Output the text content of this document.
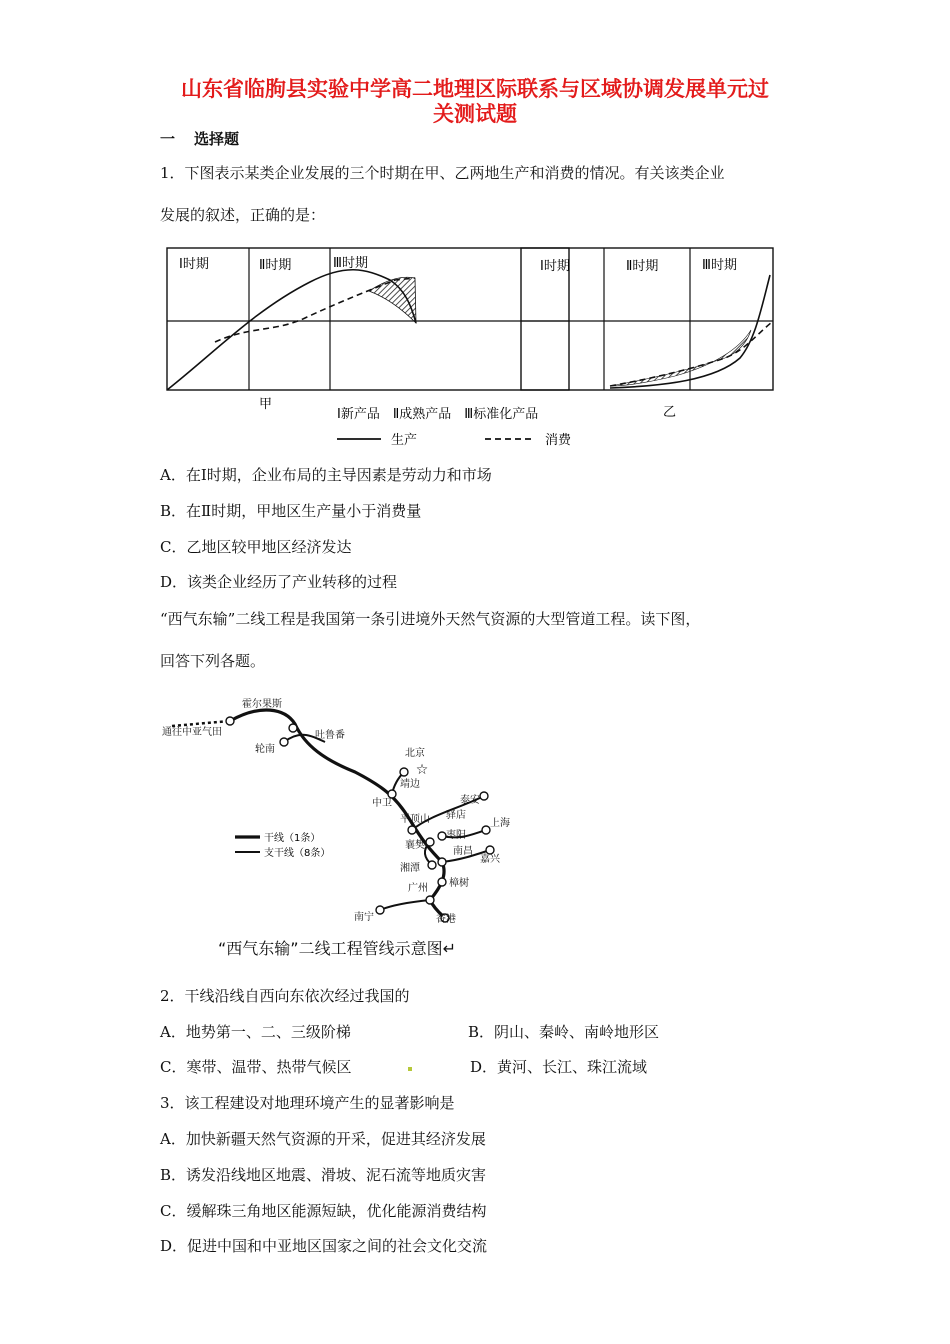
山东省临朐县实验中学高二地理区际联系与区域协调发展单元过
关测试题
一 选择题
1．下图表示某类企业发展的三个时期在甲、乙两地生产和消费的情况。有关该类企业
发展的叙述，正确的是：
Ⅰ时期	Ⅱ时期	Ⅲ时期
甲
Ⅰ时期	Ⅱ时期	Ⅲ时期
乙
Ⅰ新产品　Ⅱ成熟产品　Ⅲ标准化产品
生产	消费
A．在Ⅰ时期，企业布局的主导因素是劳动力和市场
B．在Ⅱ时期，甲地区生产量小于消费量
C．乙地区较甲地区经济发达
D．该类企业经历了产业转移的过程
“西气东输”二线工程是我国第一条引进境外天然气资源的大型管道工程。读下图，
回答下列各题。
☆
霍尔果斯
通往中亚气田	吐鲁番
轮南	北京
靖边
中卫	泰安
平顶山 驿店
枣阳
上海
襄樊
南昌
嘉兴
湘潭
樟树
广州
南宁	香港
干线（1条）
支干线（8条）
“西气东输”二线工程管线示意图↵
2．干线沿线自西向东依次经过我国的
A．地势第一、二、三级阶梯	B．阴山、秦岭、南岭地形区
C．寒带、温带、热带气候区	D．黄河、长江、珠江流域
3．该工程建设对地理环境产生的显著影响是
A．加快新疆天然气资源的开采，促进其经济发展
B．诱发沿线地区地震、滑坡、泥石流等地质灾害
C．缓解珠三角地区能源短缺，优化能源消费结构
D．促进中国和中亚地区国家之间的社会文化交流
